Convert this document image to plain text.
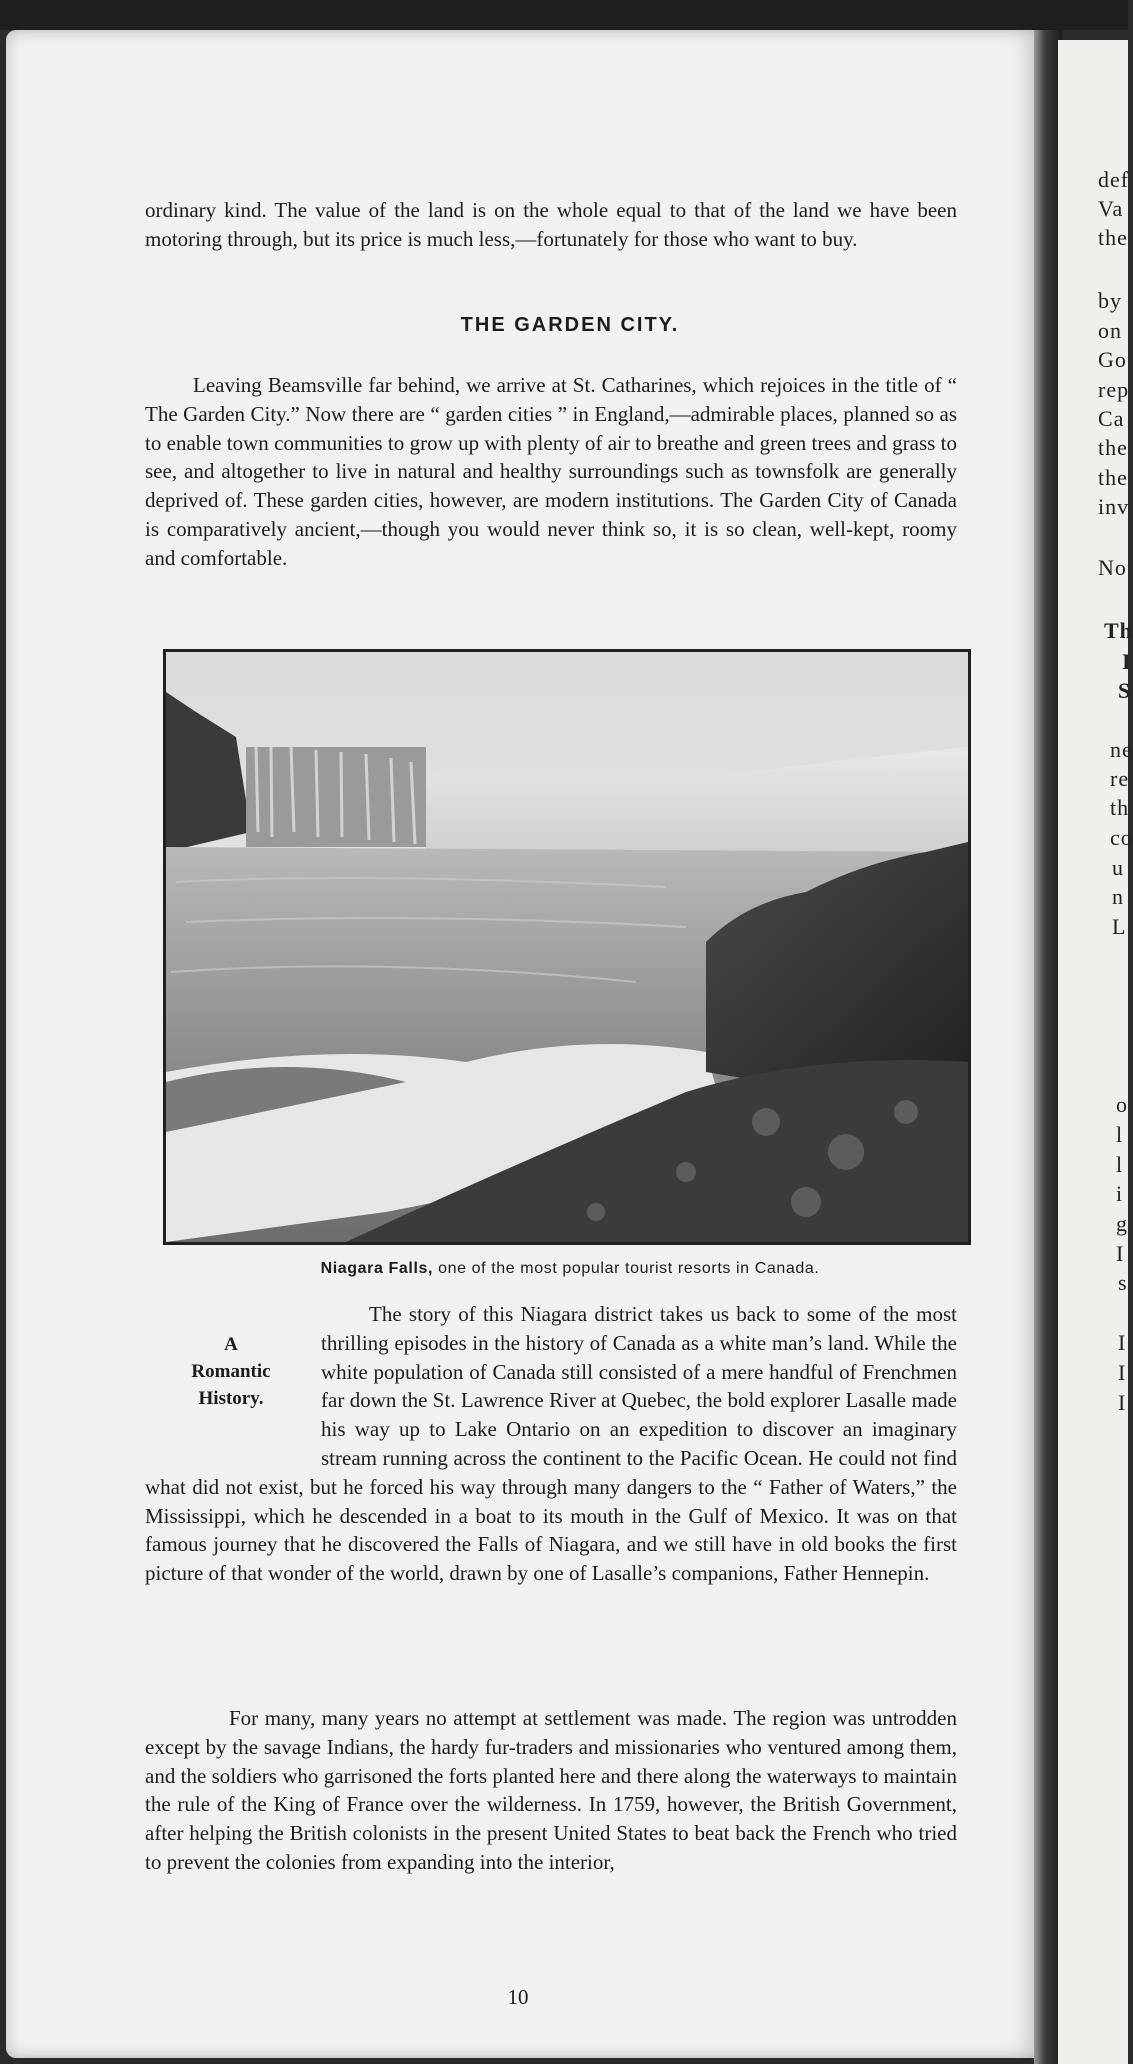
def
Va
the
by
on
Go
rep
Ca
the
the
inv
No
Th
I
S
ne
re
th
co
u
n
L
o
l
l
i
g
I
s
I
I
I

ordinary kind. The value of the land is on the whole equal to that of the land we have been motoring through, but its price is much less,—fortunately for those who want to buy.

THE GARDEN CITY.

Leaving Beamsville far behind, we arrive at St. Catharines, which rejoices in the title of “ The Garden City.” Now there are “ garden cities ” in England,—admirable places, planned so as to enable town communities to grow up with plenty of air to breathe and green trees and grass to see, and altogether to live in natural and healthy surroundings such as townsfolk are generally deprived of. These garden cities, however, are modern institutions. The Garden City of Canada is comparatively ancient,—though you would never think so, it is so clean, well-kept, roomy and comfortable.

Niagara Falls, one of the most popular tourist resorts in Canada.
A
Romantic
History.

The story of this Niagara district takes us back to some of the most thrilling episodes in the history of Canada as a white man’s land. While the white population of Canada still consisted of a mere handful of Frenchmen far down the St. Lawrence River at Quebec, the bold explorer Lasalle made his way up to Lake Ontario on an expedition to discover an imaginary stream running across the continent to the Pacific Ocean. He could not find what did not exist, but he forced his way through many dangers to the “ Father of Waters,” the Mississippi, which he descended in a boat to its mouth in the Gulf of Mexico. It was on that famous journey that he discovered the Falls of Niagara, and we still have in old books the first picture of that wonder of the world, drawn by one of Lasalle’s companions, Father Hennepin.

For many, many years no attempt at settlement was made. The region was untrodden except by the savage Indians, the hardy fur-traders and missionaries who ventured among them, and the soldiers who garrisoned the forts planted here and there along the waterways to maintain the rule of the King of France over the wilderness. In 1759, however, the British Government, after helping the British colonists in the present United States to beat back the French who tried to prevent the colonies from expanding into the interior,

10
